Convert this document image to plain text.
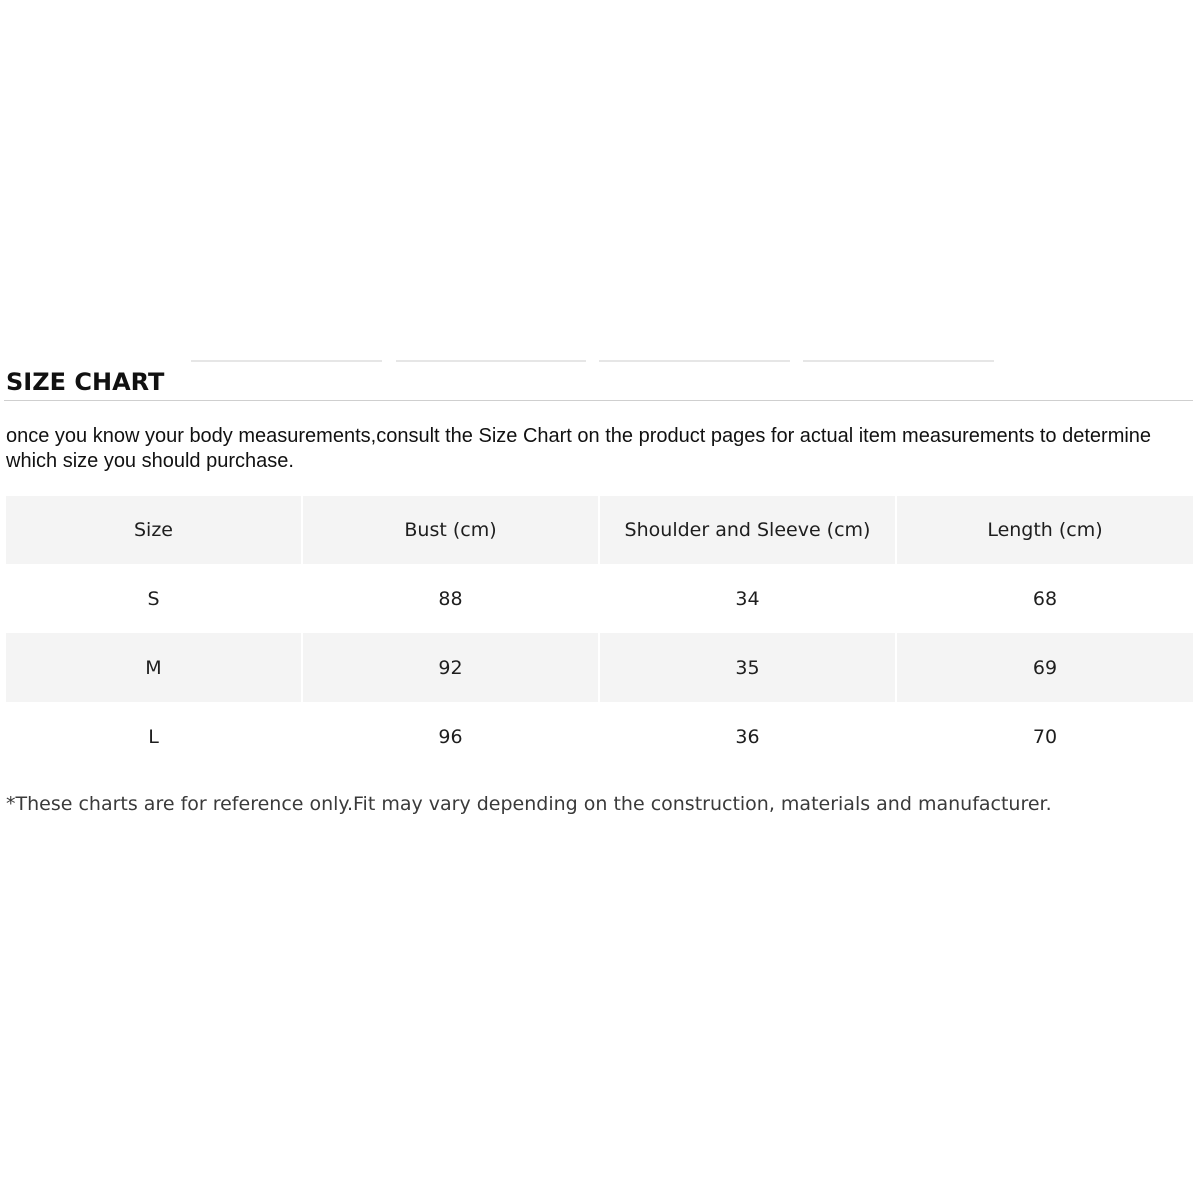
SIZE CHART

once you know your body measurements,consult the Size Chart on the product pages for actual item measurements to determine which size you should purchase.

Size	Bust (cm)	Shoulder and Sleeve (cm)	Length (cm)
S	88	34	68
M	92	35	69
L	96	36	70

*These charts are for reference only.Fit may vary depending on the construction, materials and manufacturer.
